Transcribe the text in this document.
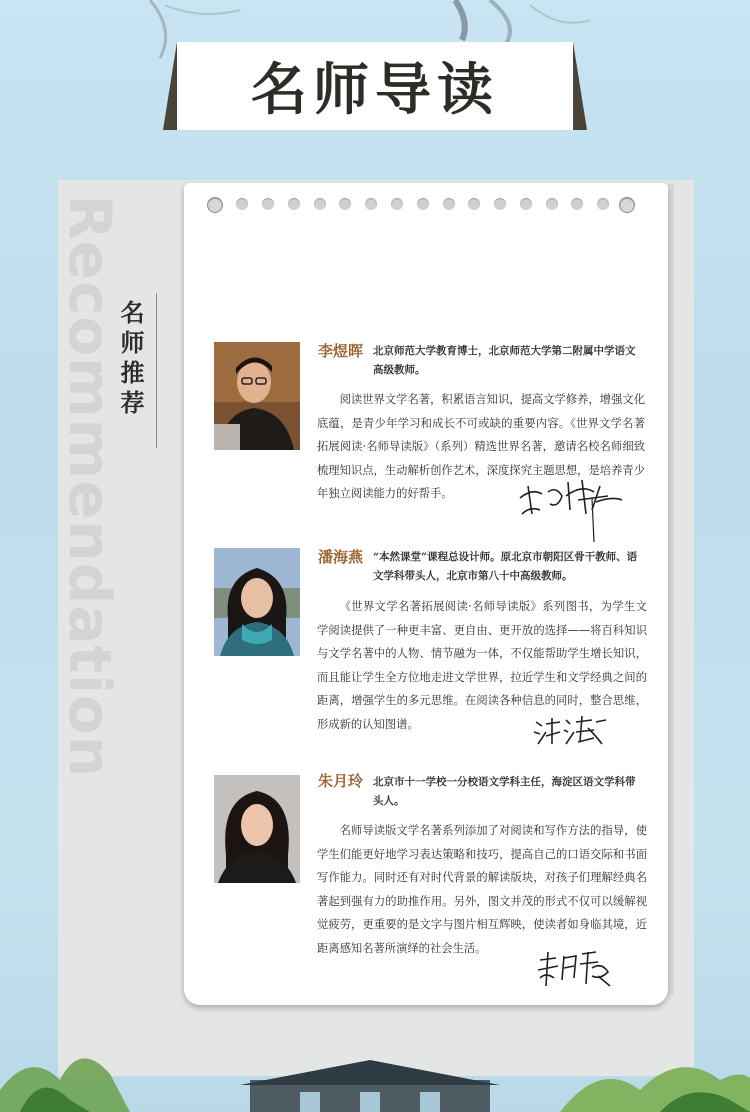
名师导读
Recommendation
名师推荐	李煜晖 北京师范大学教育博士，北京师范大学第二附属中学语文高级教师。
阅读世界文学名著，积累语言知识，提高文学修养，增强文化底蕴，是青少年学习和成长不可或缺的重要内容。《世界文学名著拓展阅读·名师导读版》（系列）精选世界名著，邀请名校名师细致梳理知识点，生动解析创作艺术，深度探究主题思想，是培养青少年独立阅读能力的好帮手。
潘海燕 “本然课堂”课程总设计师。原北京市朝阳区骨干教师、语文学科带头人，北京市第八十中高级教师。
《世界文学名著拓展阅读·名师导读版》系列图书，为学生文学阅读提供了一种更丰富、更自由、更开放的选择——将百科知识与文学名著中的人物、情节融为一体，不仅能帮助学生增长知识，而且能让学生全方位地走进文学世界，拉近学生和文学经典之间的距离，增强学生的多元思维。在阅读各种信息的同时，整合思维，形成新的认知图谱。
朱月玲 北京市十一学校一分校语文学科主任，海淀区语文学科带头人。
名师导读版文学名著系列添加了对阅读和写作方法的指导，使学生们能更好地学习表达策略和技巧，提高自己的口语交际和书面写作能力。同时还有对时代背景的解读版块，对孩子们理解经典名著起到强有力的助推作用。另外，图文并茂的形式不仅可以缓解视觉疲劳，更重要的是文字与图片相互辉映，使读者如身临其境，近距离感知名著所演绎的社会生活。
